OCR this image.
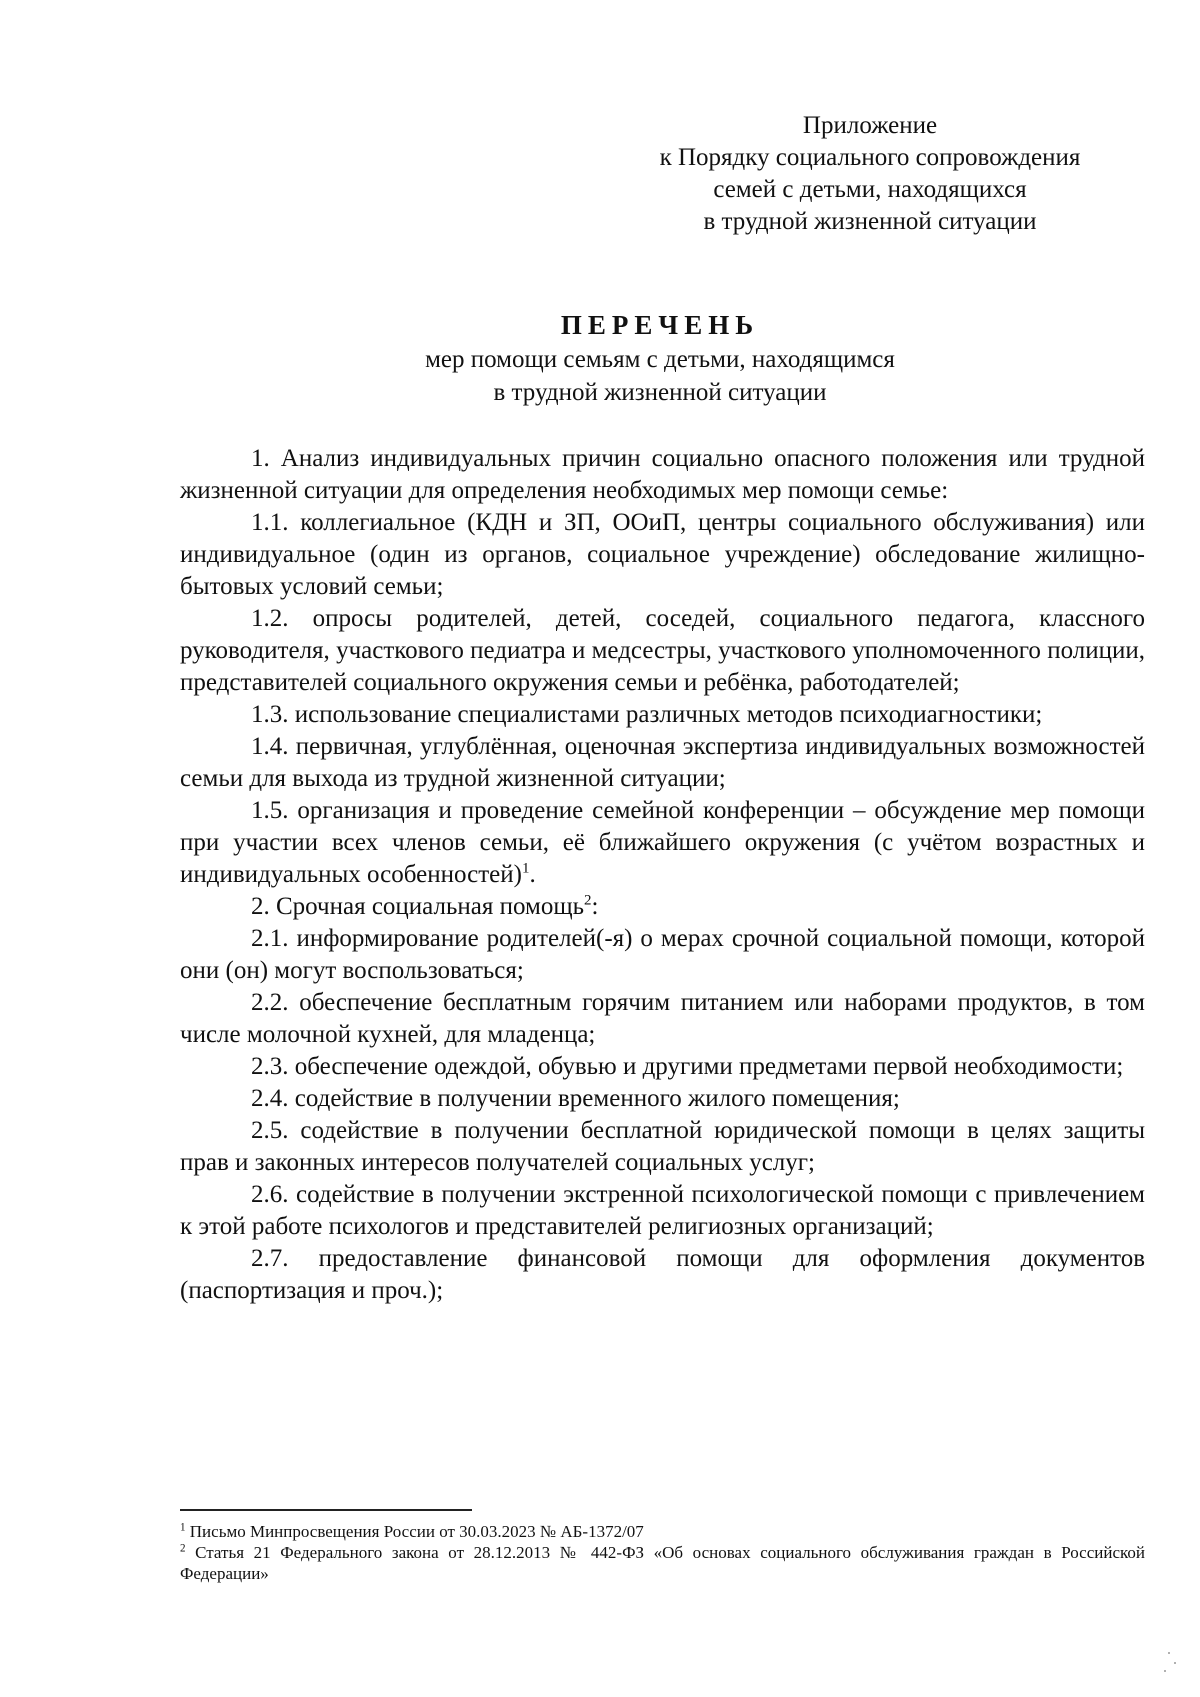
Приложение
к Порядку социального сопровождения
семей с детьми, находящихся
в трудной жизненной ситуации
ПЕРЕЧЕНЬ
мер помощи семьям с детьми, находящимся
в трудной жизненной ситуации

1. Анализ индивидуальных причин социально опасного положения или трудной жизненной ситуации для определения необходимых мер помощи семье:

1.1. коллегиальное (КДН и ЗП, ООиП, центры социального обслуживания) или индивидуальное (один из органов, социальное учреждение) обследование жилищно-бытовых условий семьи;

1.2. опросы родителей, детей, соседей, социального педагога, классного руководителя, участкового педиатра и медсестры, участкового уполномоченного полиции, представителей социального окружения семьи и ребёнка, работодателей;

1.3. использование специалистами различных методов психодиагностики;

1.4. первичная, углублённая, оценочная экспертиза индивидуальных возможностей семьи для выхода из трудной жизненной ситуации;

1.5. организация и проведение семейной конференции – обсуждение мер помощи при участии всех членов семьи, её ближайшего окружения (с учётом возрастных и индивидуальных особенностей)$^1$.

2. Срочная социальная помощь$^2$:

2.1. информирование родителей(-я) о мерах срочной социальной помощи, которой они (он) могут воспользоваться;

2.2. обеспечение бесплатным горячим питанием или наборами продуктов, в том числе молочной кухней, для младенца;

2.3. обеспечение одеждой, обувью и другими предметами первой необходимости;

2.4. содействие в получении временного жилого помещения;

2.5. содействие в получении бесплатной юридической помощи в целях защиты прав и законных интересов получателей социальных услуг;

2.6. содействие в получении экстренной психологической помощи с привлечением к этой работе психологов и представителей религиозных организаций;

2.7. предоставление финансовой помощи для оформления документов (паспортизация и проч.);

$^1$ Письмо Минпросвещения России от 30.03.2023 № АБ-1372/07
$^2$ Статья 21 Федерального закона от 28.12.2013 № 442-ФЗ «Об основах социального обслуживания граждан в Российской Федерации»
